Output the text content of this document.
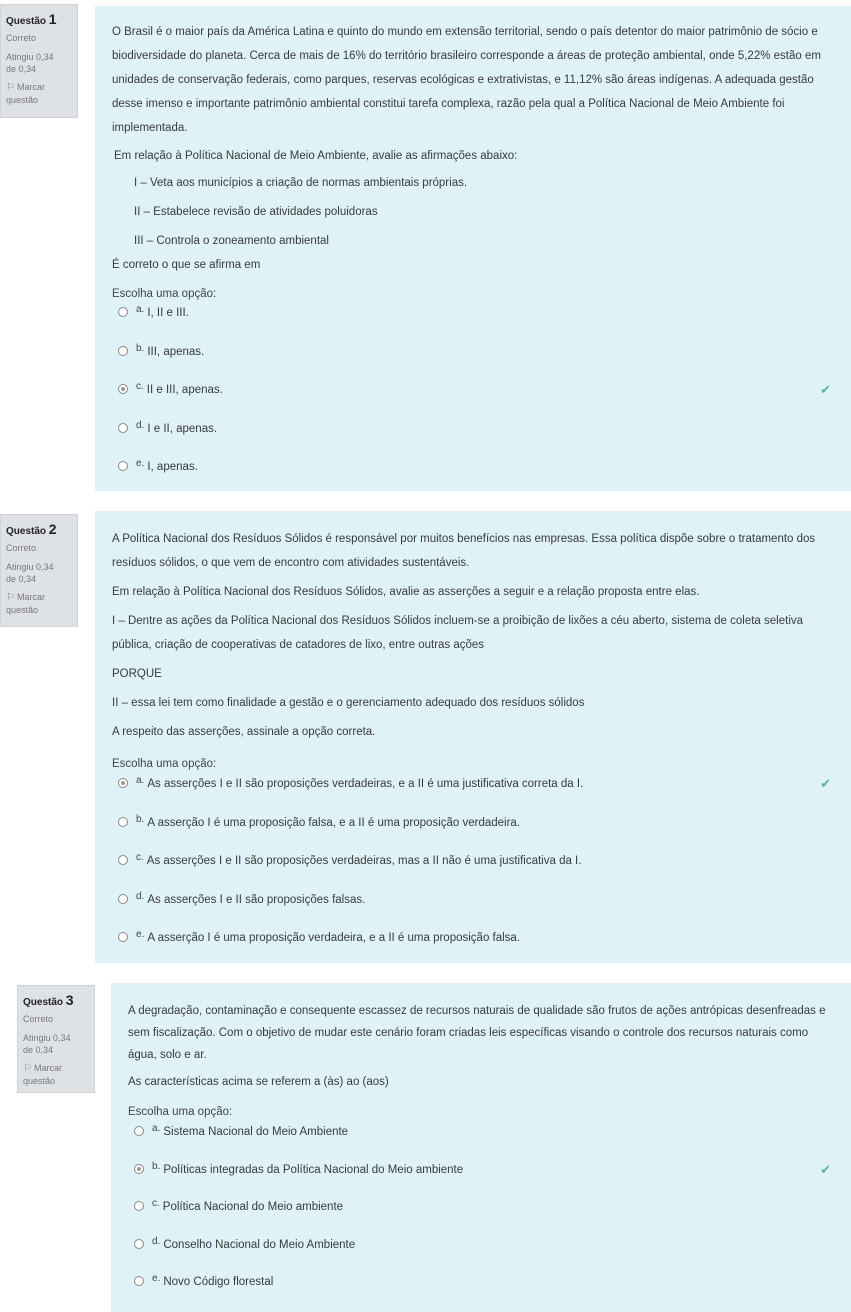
Questão 1
Correto
Atingiu 0,34
de 0,34
⚐ Marcar
questão

O Brasil é o maior país da América Latina e quinto do mundo em extensão territorial, sendo o país detentor do maior patrimônio de sócio e biodiversidade do planeta. Cerca de mais de 16% do território brasileiro corresponde a áreas de proteção ambiental, onde 5,22% estão em unidades de conservação federais, como parques, reservas ecológicas e extrativistas, e 11,12% são áreas indígenas. A adequada gestão desse imenso e importante patrimônio ambiental constitui tarefa complexa, razão pela qual a Política Nacional de Meio Ambiente foi implementada.

Em relação à Política Nacional de Meio Ambiente, avalie as afirmações abaixo:

I – Veta aos municípios a criação de normas ambientais próprias.

II – Estabelece revisão de atividades poluidoras

III – Controla o zoneamento ambiental

É correto o que se afirma em

Escolha uma opção:
a. I, II e III.
b. III, apenas.
c. II e III, apenas.	✔
d. I e II, apenas.
e. I, apenas.
Questão 2
Correto
Atingiu 0,34
de 0,34
⚐ Marcar
questão

A Política Nacional dos Resíduos Sólidos é responsável por muitos benefícios nas empresas. Essa política dispõe sobre o tratamento dos resíduos sólidos, o que vem de encontro com atividades sustentáveis.

Em relação à Política Nacional dos Resíduos Sólidos, avalie as asserções a seguir e a relação proposta entre elas.

I – Dentre as ações da Política Nacional dos Resíduos Sólidos incluem-se a proibição de lixões a céu aberto, sistema de coleta seletiva pública, criação de cooperativas de catadores de lixo, entre outras ações

PORQUE

II – essa lei tem como finalidade a gestão e o gerenciamento adequado dos resíduos sólidos

A respeito das asserções, assinale a opção correta.

Escolha uma opção:
a. As asserções I e II são proposições verdadeiras, e a II é uma justificativa correta da I.	✔
b. A asserção I é uma proposição falsa, e a II é uma proposição verdadeira.
c. As asserções I e II são proposições verdadeiras, mas a II não é uma justificativa da I.
d. As asserções I e II são proposições falsas.
e. A asserção I é uma proposição verdadeira, e a II é uma proposição falsa.
Questão 3
Correto
Atingiu 0,34
de 0,34
⚐ Marcar
questão

A degradação, contaminação e consequente escassez de recursos naturais de qualidade são frutos de ações antrópicas desenfreadas e sem fiscalização. Com o objetivo de mudar este cenário foram criadas leis específicas visando o controle dos recursos naturais como água, solo e ar.

As características acima se referem a (às) ao (aos)

Escolha uma opção:
a. Sistema Nacional do Meio Ambiente
b. Políticas integradas da Política Nacional do Meio ambiente	✔
c. Política Nacional do Meio ambiente
d. Conselho Nacional do Meio Ambiente
e. Novo Código florestal
